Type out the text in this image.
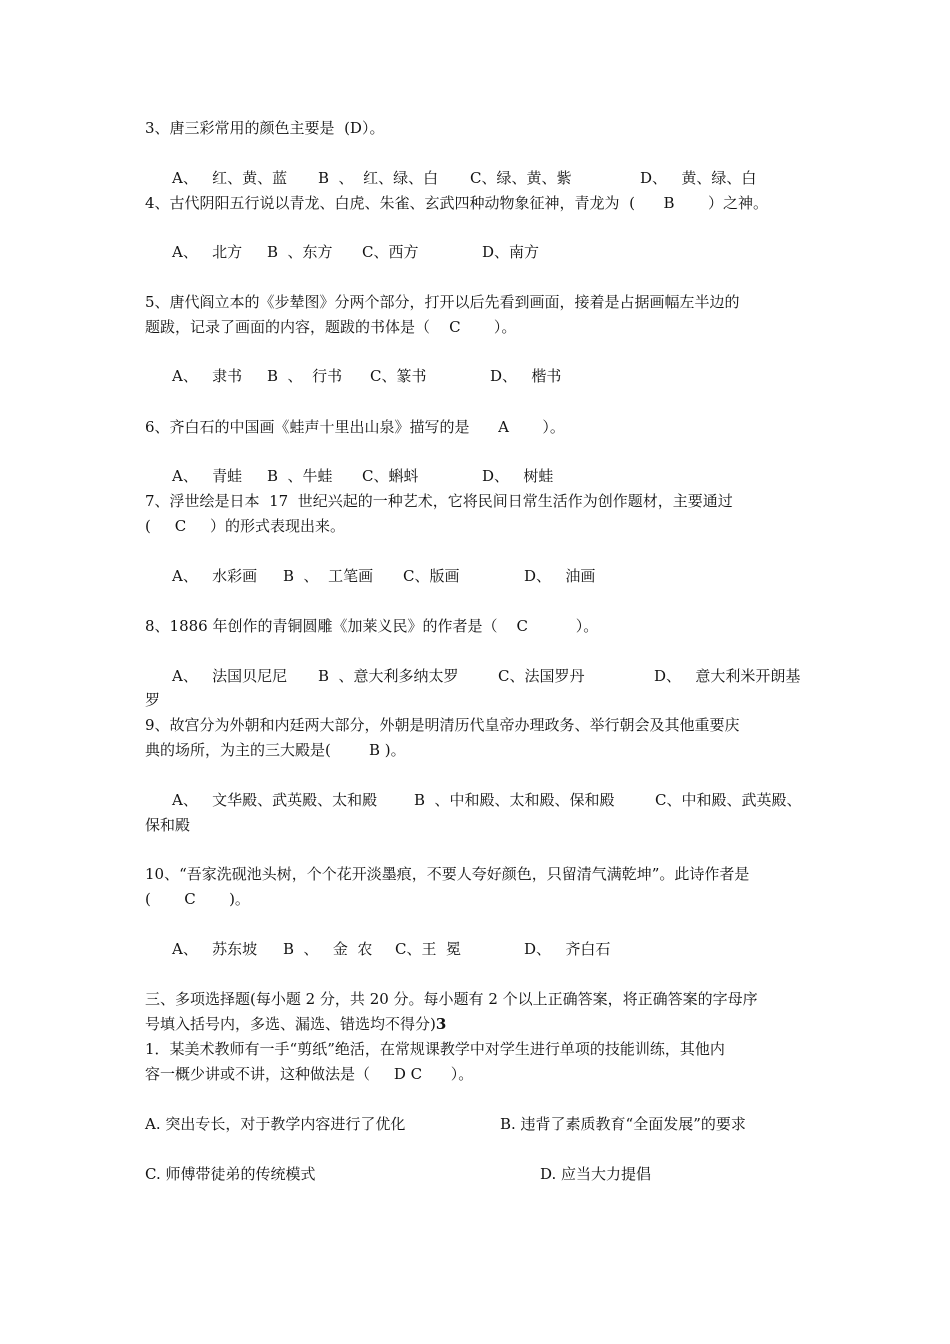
3、唐三彩常用的颜色主要是  (D）。
A、   红、黄、蓝 B  、  红、绿、白 C、绿、黄、紫	D、   黄、绿、白
4、古代阴阳五行说以青龙、白虎、朱雀、玄武四种动物象征神，青龙为  (      B       ）之神。
A、   北方 B  、东方 C、西方	D、南方
5、唐代阎立本的《步辇图》分两个部分，打开以后先看到画面，接着是占据画幅左半边的
题跋，记录了画面的内容，题跋的书体是（    C       ）。
A、   隶书 B  、  行书 C、篆书	D、   楷书
6、齐白石的中国画《蛙声十里出山泉》描写的是      A       ）。
A、   青蛙 B  、牛蛙 C、蝌蚪	D、   树蛙
7、浮世绘是日本  17  世纪兴起的一种艺术，它将民间日常生活作为创作题材，主要通过
(     C     ）的形式表现出来。
A、   水彩画 B  、  工笔画 C、版画	D、   油画
8、1886 年创作的青铜圆雕《加莱义民》的作者是（    C          ）。
A、   法国贝尼尼 B  、意大利多纳太罗	C、法国罗丹	D、   意大利米开朗基
罗
9、故宫分为外朝和内廷两大部分，外朝是明清历代皇帝办理政务、举行朝会及其他重要庆
典的场所，为主的三大殿是(        B )。
A、   文华殿、武英殿、太和殿 B  、中和殿、太和殿、保和殿	C、中和殿、武英殿、
保和殿
10、“吾家洗砚池头树，个个花开淡墨痕，不要人夸好颜色，只留清气满乾坤”。此诗作者是
(       C       )。
A、   苏东坡 B  、   金  农 C、王  冕	D、   齐白石
三、多项选择题(每小题 2 分，共 20 分。每小题有 2 个以上正确答案，将正确答案的字母序
号填入括号内，多选、漏选、错选均不得分)3
1．某美术教师有一手“剪纸”绝活，在常规课教学中对学生进行单项的技能训练，其他内
容一概少讲或不讲，这种做法是（     D C      ）。
A. 突出专长，对于教学内容进行了优化	B. 违背了素质教育“全面发展”的要求
C. 师傅带徒弟的传统模式	D. 应当大力提倡
